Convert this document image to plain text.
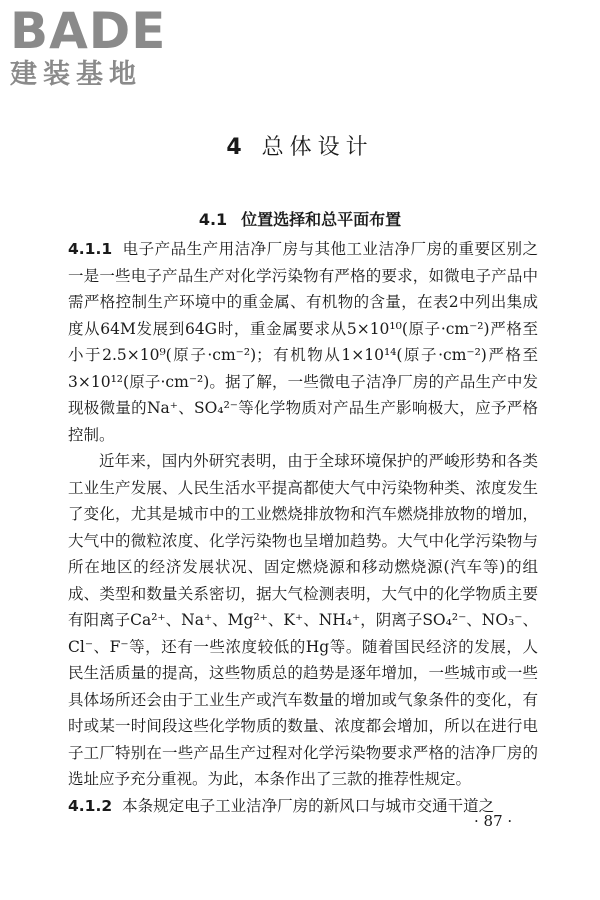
BADE
建装基地
4 总体设计
4.1 位置选择和总平面布置

4.1.1 电子产品生产用洁净厂房与其他工业洁净厂房的重要区别之一是一些电子产品生产对化学污染物有严格的要求，如微电子产品中需严格控制生产环境中的重金属、有机物的含量，在表2中列出集成度从64M发展到64G时，重金属要求从5×10¹⁰(原子·cm⁻²)严格至小于2.5×10⁹(原子·cm⁻²)；有机物从1×10¹⁴(原子·cm⁻²)严格至3×10¹²(原子·cm⁻²)。据了解，一些微电子洁净厂房的产品生产中发现极微量的Na⁺、SO₄²⁻等化学物质对产品生产影响极大，应予严格控制。

近年来，国内外研究表明，由于全球环境保护的严峻形势和各类工业生产发展、人民生活水平提高都使大气中污染物种类、浓度发生了变化，尤其是城市中的工业燃烧排放物和汽车燃烧排放物的增加，大气中的微粒浓度、化学污染物也呈增加趋势。大气中化学污染物与所在地区的经济发展状况、固定燃烧源和移动燃烧源(汽车等)的组成、类型和数量关系密切，据大气检测表明，大气中的化学物质主要有阳离子Ca²⁺、Na⁺、Mg²⁺、K⁺、NH₄⁺，阴离子SO₄²⁻、NO₃⁻、Cl⁻、F⁻等，还有一些浓度较低的Hg等。随着国民经济的发展，人民生活质量的提高，这些物质总的趋势是逐年增加，一些城市或一些具体场所还会由于工业生产或汽车数量的增加或气象条件的变化，有时或某一时间段这些化学物质的数量、浓度都会增加，所以在进行电子工厂特别在一些产品生产过程对化学污染物要求严格的洁净厂房的选址应予充分重视。为此，本条作出了三款的推荐性规定。

4.1.2 本条规定电子工业洁净厂房的新风口与城市交通干道之

· 87 ·
